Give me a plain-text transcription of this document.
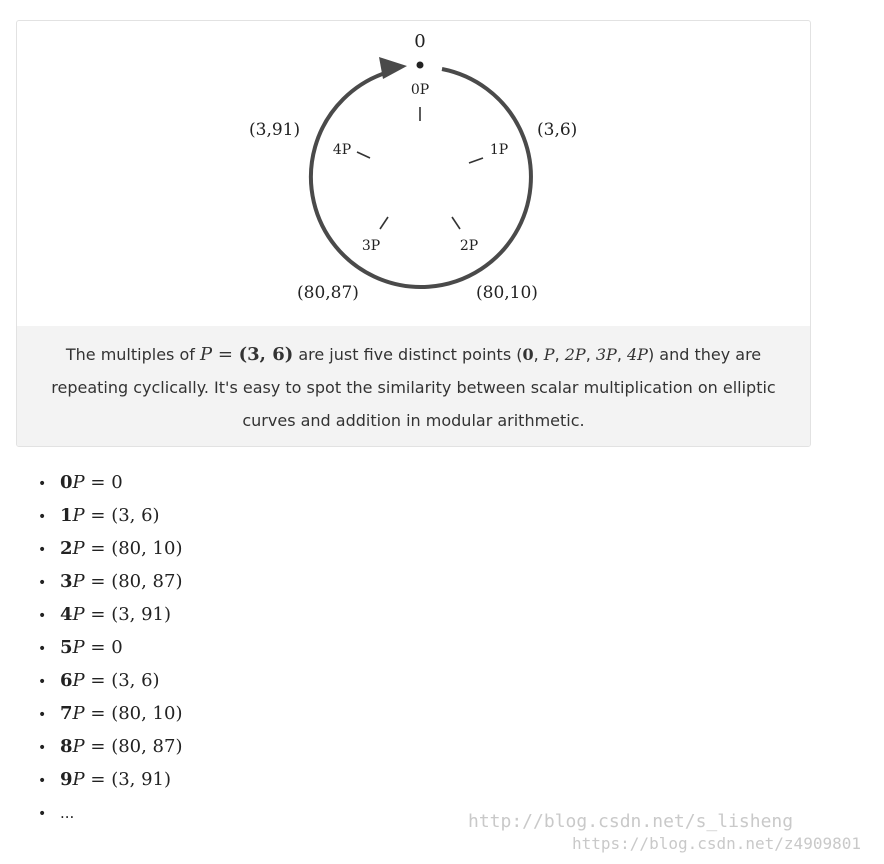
0
0P
1P
2P
3P
4P
(3,6)
(80,10)
(80,87)
(3,91)
The multiples of P = (3, 6) are just five distinct points (0, P, 2P, 3P, 4P) and they are
repeating cyclically. It's easy to spot the similarity between scalar multiplication on elliptic
curves and addition in modular arithmetic.
• 0P = 0
• 1P = (3, 6)
• 2P = (80, 10)
• 3P = (80, 87)
• 4P = (3, 91)
• 5P = 0
• 6P = (3, 6)
• 7P = (80, 10)
• 8P = (80, 87)
• 9P = (3, 91)
• ...	http://blog.csdn.net/s_lisheng
https://blog.csdn.net/z4909801
